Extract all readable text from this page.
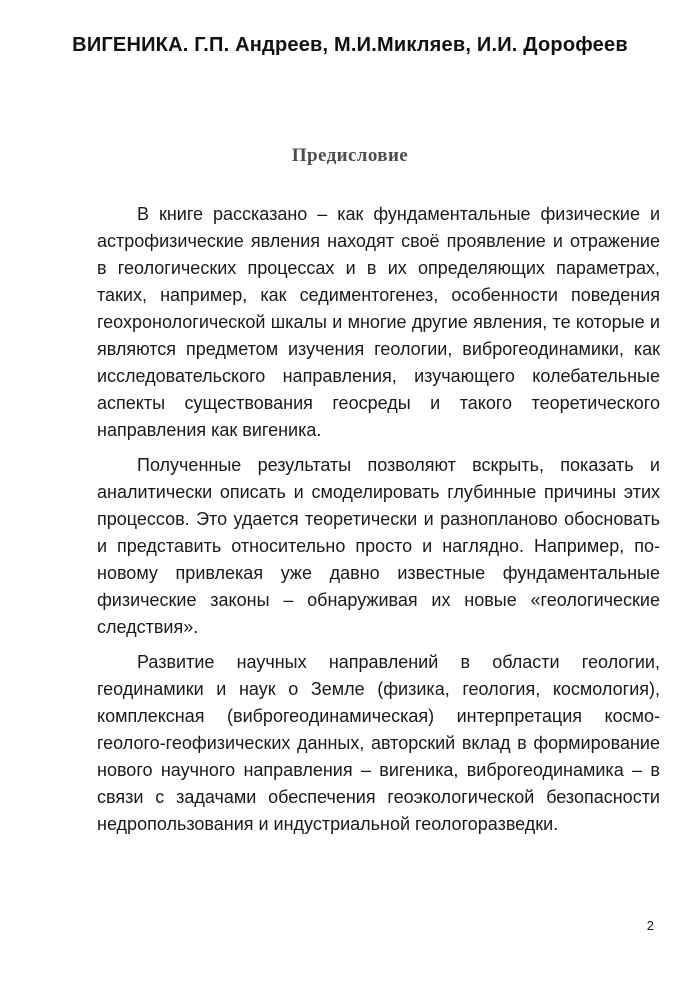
ВИГЕНИКА. Г.П. Андреев, М.И.Микляев, И.И. Дорофеев
Предисловие

В книге рассказано – как фундаментальные физические и астрофизические явления находят своё проявление и отражение в геологических процессах и в их определяющих параметрах, таких, например, как седиментогенез, особенности поведения геохронологической шкалы и многие другие явления, те которые и являются предметом изучения геологии, виброгеодинамики, как исследовательского направления, изучающего колебательные аспекты существования геосреды и такого теоретического направления как вигеника.

Полученные результаты позволяют вскрыть, показать и аналитически описать и смоделировать глубинные причины этих процессов. Это удается теоретически и разнопланово обосновать и представить относительно просто и наглядно. Например, по-новому привлекая уже давно известные фундаментальные физические законы – обнаруживая их новые «геологические следствия».

Развитие научных направлений в области геологии, геодинамики и наук о Земле (физика, геология, космология), комплексная (виброгеодинамическая) интерпретация космо-геолого-геофизических данных, авторский вклад в формирование нового научного направления – вигеника, виброгеодинамика – в связи с задачами обеспечения геоэкологической безопасности недропользования и индустриальной геологоразведки.

2
